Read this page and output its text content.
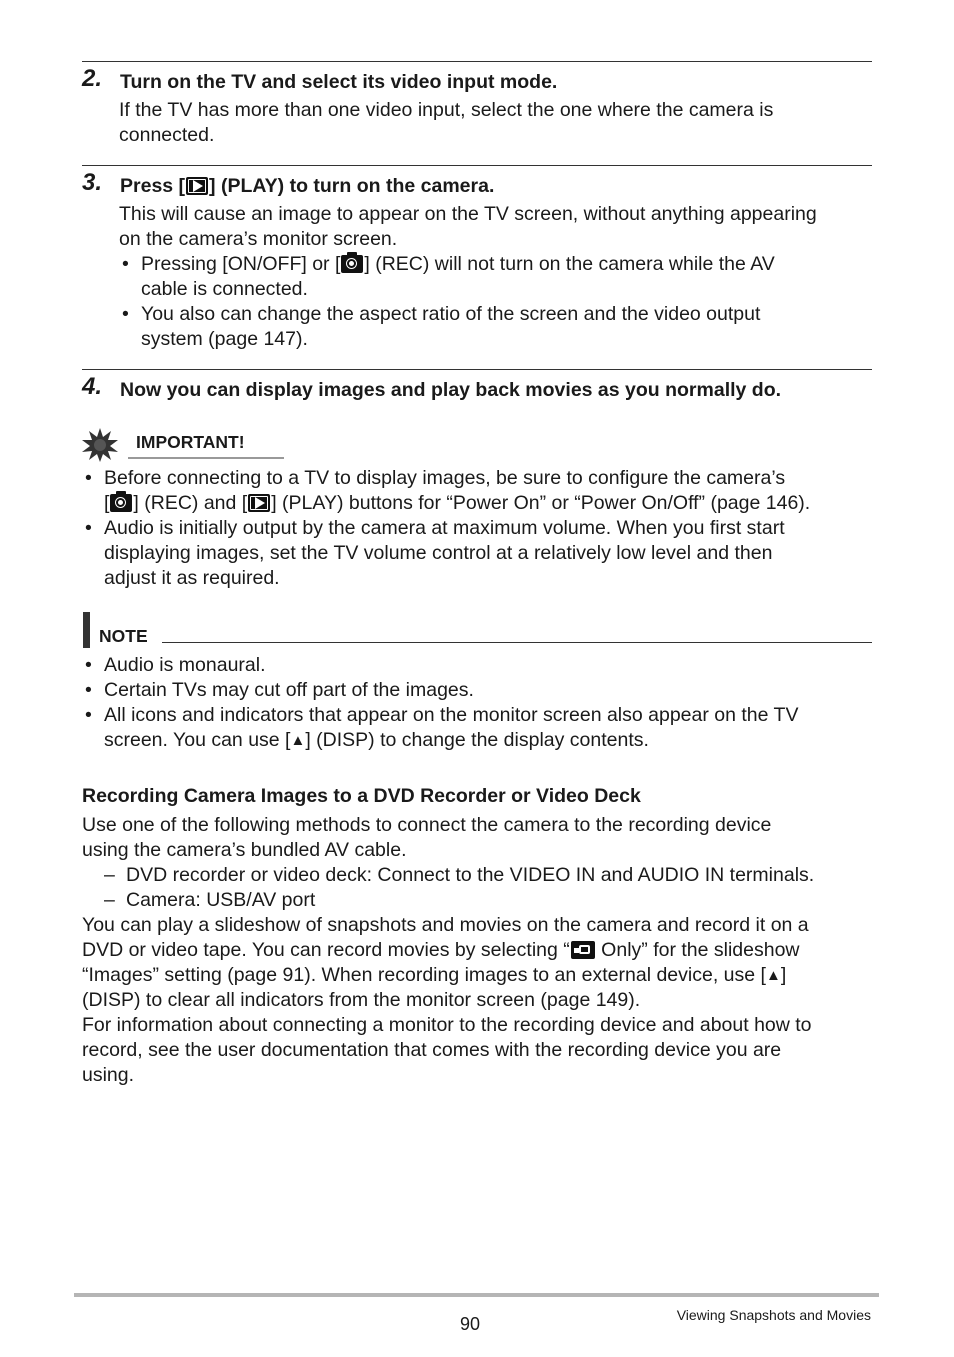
2. Turn on the TV and select its video input mode.
If the TV has more than one video input, select the one where the camera is
connected.
3. Press [ ] (PLAY) to turn on the camera.
This will cause an image to appear on the TV screen, without anything appearing
on the camera’s monitor screen.
• Pressing [ON/OFF] or [ ] (REC) will not turn on the camera while the AV
cable is connected.
• You also can change the aspect ratio of the screen and the video output
system (page 147).
4. Now you can display images and play back movies as you normally do.
IMPORTANT!
• Before connecting to a TV to display images, be sure to configure the camera’s
[ ] (REC) and [ ] (PLAY) buttons for “Power On” or “Power On/Off” (page 146).
• Audio is initially output by the camera at maximum volume. When you first start
displaying images, set the TV volume control at a relatively low level and then
adjust it as required.
NOTE
• Audio is monaural.
• Certain TVs may cut off part of the images.
• All icons and indicators that appear on the monitor screen also appear on the TV
screen. You can use [▲] (DISP) to change the display contents.
Recording Camera Images to a DVD Recorder or Video Deck
Use one of the following methods to connect the camera to the recording device
using the camera’s bundled AV cable.
– DVD recorder or video deck: Connect to the VIDEO IN and AUDIO IN terminals.
– Camera: USB/AV port
You can play a slideshow of snapshots and movies on the camera and record it on a
DVD or video tape. You can record movies by selecting “ Only” for the slideshow
“Images” setting (page 91). When recording images to an external device, use [▲]
(DISP) to clear all indicators from the monitor screen (page 149).
For information about connecting a monitor to the recording device and about how to
record, see the user documentation that comes with the recording device you are
using.
90	Viewing Snapshots and Movies
